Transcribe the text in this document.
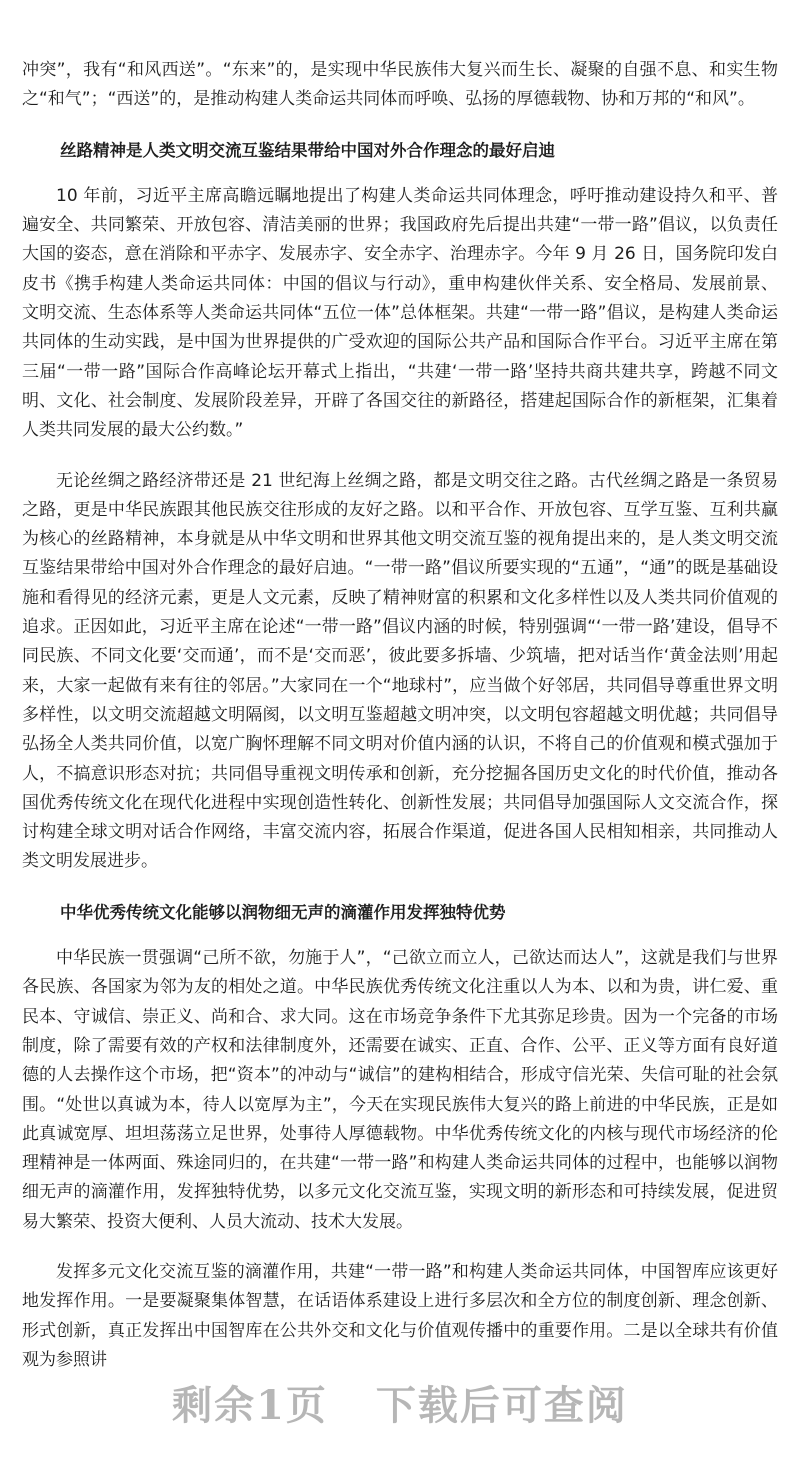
冲突”，我有“和风西送”。“东来”的，是实现中华民族伟大复兴而生长、凝聚的自强不息、和实生物之“和气”；“西送”的，是推动构建人类命运共同体而呼唤、弘扬的厚德载物、协和万邦的“和风”。

丝路精神是人类文明交流互鉴结果带给中国对外合作理念的最好启迪

10 年前，习近平主席高瞻远瞩地提出了构建人类命运共同体理念，呼吁推动建设持久和平、普遍安全、共同繁荣、开放包容、清洁美丽的世界；我国政府先后提出共建“一带一路”倡议，以负责任大国的姿态，意在消除和平赤字、发展赤字、安全赤字、治理赤字。今年 9 月 26 日，国务院印发白皮书《携手构建人类命运共同体：中国的倡议与行动》，重申构建伙伴关系、安全格局、发展前景、文明交流、生态体系等人类命运共同体“五位一体”总体框架。共建“一带一路”倡议，是构建人类命运共同体的生动实践，是中国为世界提供的广受欢迎的国际公共产品和国际合作平台。习近平主席在第三届“一带一路”国际合作高峰论坛开幕式上指出，“共建‘一带一路’坚持共商共建共享，跨越不同文明、文化、社会制度、发展阶段差异，开辟了各国交往的新路径，搭建起国际合作的新框架，汇集着人类共同发展的最大公约数。”

无论丝绸之路经济带还是 21 世纪海上丝绸之路，都是文明交往之路。古代丝绸之路是一条贸易之路，更是中华民族跟其他民族交往形成的友好之路。以和平合作、开放包容、互学互鉴、互利共赢为核心的丝路精神，本身就是从中华文明和世界其他文明交流互鉴的视角提出来的，是人类文明交流互鉴结果带给中国对外合作理念的最好启迪。“一带一路”倡议所要实现的“五通”，“通”的既是基础设施和看得见的经济元素，更是人文元素，反映了精神财富的积累和文化多样性以及人类共同价值观的追求。正因如此，习近平主席在论述“一带一路”倡议内涵的时候，特别强调“‘一带一路’建设，倡导不同民族、不同文化要‘交而通’，而不是‘交而恶’，彼此要多拆墙、少筑墙，把对话当作‘黄金法则’用起来，大家一起做有来有往的邻居。”大家同在一个“地球村”，应当做个好邻居，共同倡导尊重世界文明多样性，以文明交流超越文明隔阂，以文明互鉴超越文明冲突，以文明包容超越文明优越；共同倡导弘扬全人类共同价值，以宽广胸怀理解不同文明对价值内涵的认识，不将自己的价值观和模式强加于人，不搞意识形态对抗；共同倡导重视文明传承和创新，充分挖掘各国历史文化的时代价值，推动各国优秀传统文化在现代化进程中实现创造性转化、创新性发展；共同倡导加强国际人文交流合作，探讨构建全球文明对话合作网络，丰富交流内容，拓展合作渠道，促进各国人民相知相亲，共同推动人类文明发展进步。

中华优秀传统文化能够以润物细无声的滴灌作用发挥独特优势

中华民族一贯强调“己所不欲，勿施于人”，“己欲立而立人，己欲达而达人”，这就是我们与世界各民族、各国家为邻为友的相处之道。中华民族优秀传统文化注重以人为本、以和为贵，讲仁爱、重民本、守诚信、崇正义、尚和合、求大同。这在市场竞争条件下尤其弥足珍贵。因为一个完备的市场制度，除了需要有效的产权和法律制度外，还需要在诚实、正直、合作、公平、正义等方面有良好道德的人去操作这个市场，把“资本”的冲动与“诚信”的建构相结合，形成守信光荣、失信可耻的社会氛围。“处世以真诚为本，待人以宽厚为主”，今天在实现民族伟大复兴的路上前进的中华民族，正是如此真诚宽厚、坦坦荡荡立足世界，处事待人厚德载物。中华优秀传统文化的内核与现代市场经济的伦理精神是一体两面、殊途同归的，在共建“一带一路”和构建人类命运共同体的过程中，也能够以润物细无声的滴灌作用，发挥独特优势，以多元文化交流互鉴，实现文明的新形态和可持续发展，促进贸易大繁荣、投资大便利、人员大流动、技术大发展。

发挥多元文化交流互鉴的滴灌作用，共建“一带一路”和构建人类命运共同体，中国智库应该更好地发挥作用。一是要凝聚集体智慧，在话语体系建设上进行多层次和全方位的制度创新、理念创新、形式创新，真正发挥出中国智库在公共外交和文化与价值观传播中的重要作用。二是以全球共有价值观为参照讲

剩余1页 下载后可查阅
